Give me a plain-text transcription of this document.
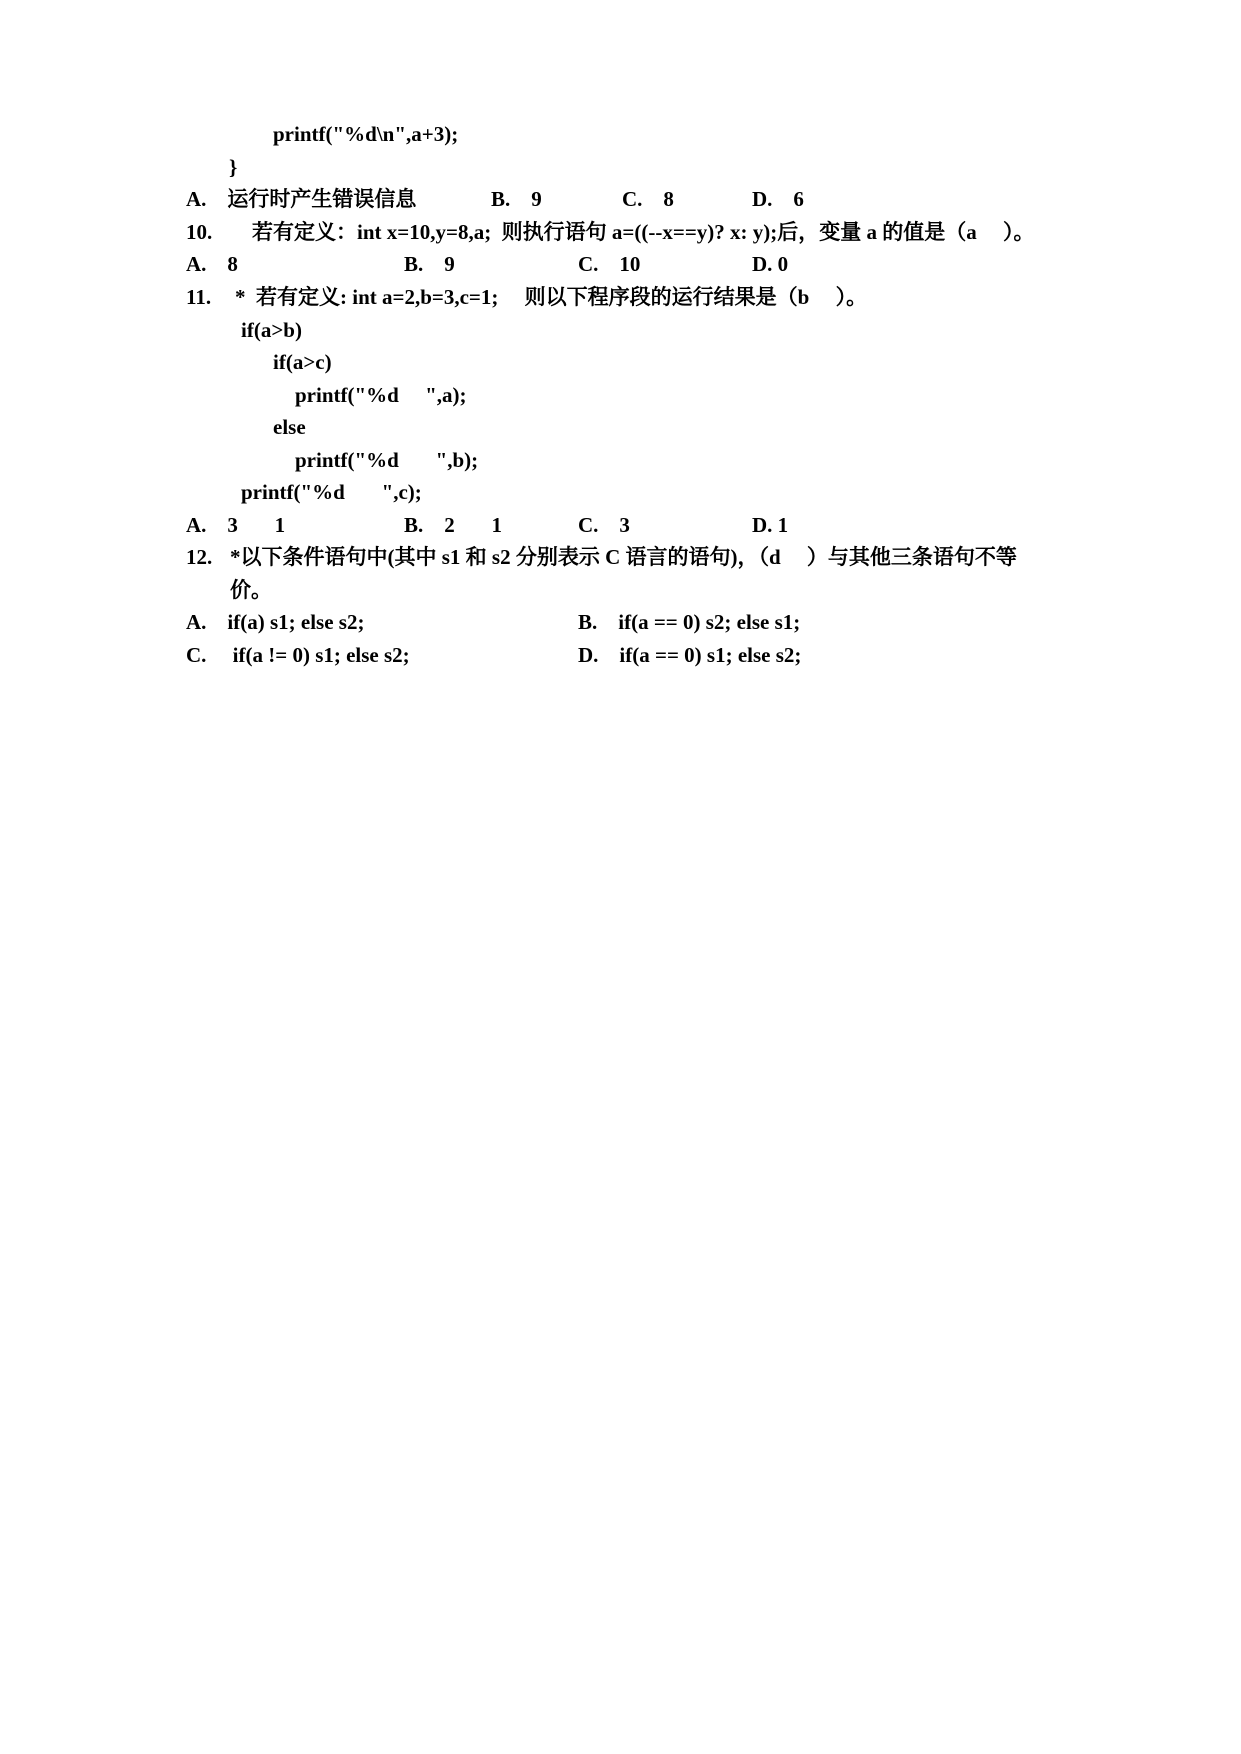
printf("%d\n",a+3);
}
A.    运行时产生错误信息	B.    9	C.    8	D.    6
10. 若有定义：int x=10,y=8,a;  则执行语句 a=((--x==y)? x: y);后，变量 a 的值是（a     ）。
A.    8	B.    9	C.    10	D. 0
11. *  若有定义: int a=2,b=3,c=1;     则以下程序段的运行结果是（b     ）。
if(a>b)
if(a>c)
printf("%d     ",a);
else
printf("%d       ",b);
printf("%d       ",c);
A.    3       1	B.    2       1	C.    3	D. 1
12. *以下条件语句中(其中 s1 和 s2 分别表示 C 语言的语句)，（d     ）与其他三条语句不等
价。
A.    if(a) s1; else s2;	B.    if(a == 0) s2; else s1;
C.     if(a != 0) s1; else s2;	D.    if(a == 0) s1; else s2;
